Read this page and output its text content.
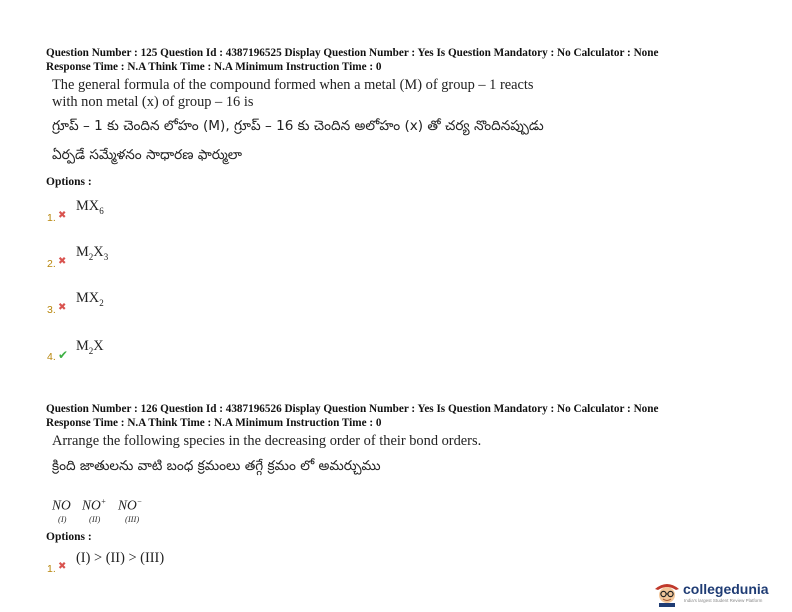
Question Number : 125 Question Id : 4387196525 Display Question Number : Yes Is Question Mandatory : No Calculator : None
Response Time : N.A Think Time : N.A Minimum Instruction Time : 0
The general formula of the compound formed when a metal (M) of group – 1 reacts
with non metal (x) of group – 16 is
గ్రూప్ – 1 కు చెందిన లోహం (M), గ్రూప్ – 16 కు చెందిన అలోహం (x) తో చర్య నొందినప్పుడు
ఏర్పడే సమ్మేళనం సాధారణ ఫార్ములా
Options :
$MX_6$
1. ✖
$M_2X_3$
2. ✖
$MX_2$
3. ✖
$M_2X$
4. ✔
Question Number : 126 Question Id : 4387196526 Display Question Number : Yes Is Question Mandatory : No Calculator : None
Response Time : N.A Think Time : N.A Minimum Instruction Time : 0
Arrange the following species in the decreasing order of their bond orders.
క్రింది జాతులను వాటి బంధ క్రమంలు తగ్గే క్రమం లో అమర్చుము
NO
(I)
NO+
(II)
NO−
(III)
Options :
(I) > (II) > (III)
1. ✖
collegedunia
India's largest Student Review Platform
